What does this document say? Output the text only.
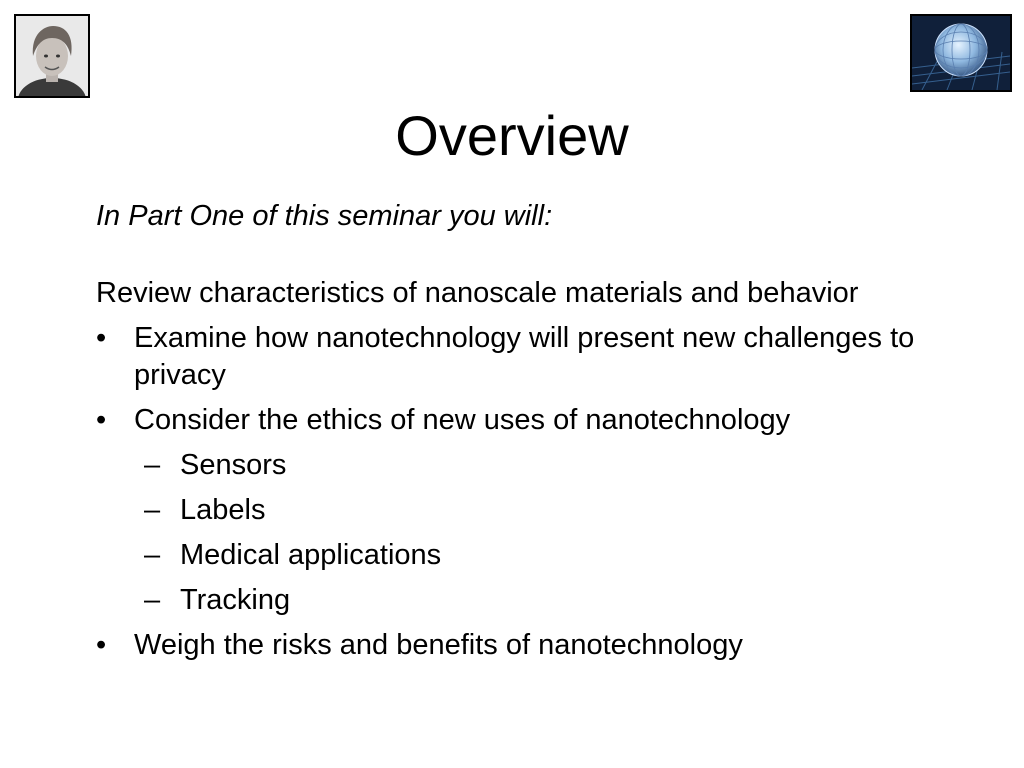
Overview

In Part One of this seminar you will:

Review characteristics of nanoscale materials and behavior

• Examine how nanotechnology will present new challenges to privacy
• Consider the ethics of new uses of nanotechnology
– Sensors
– Labels
– Medical applications
– Tracking
• Weigh the risks and benefits of nanotechnology
